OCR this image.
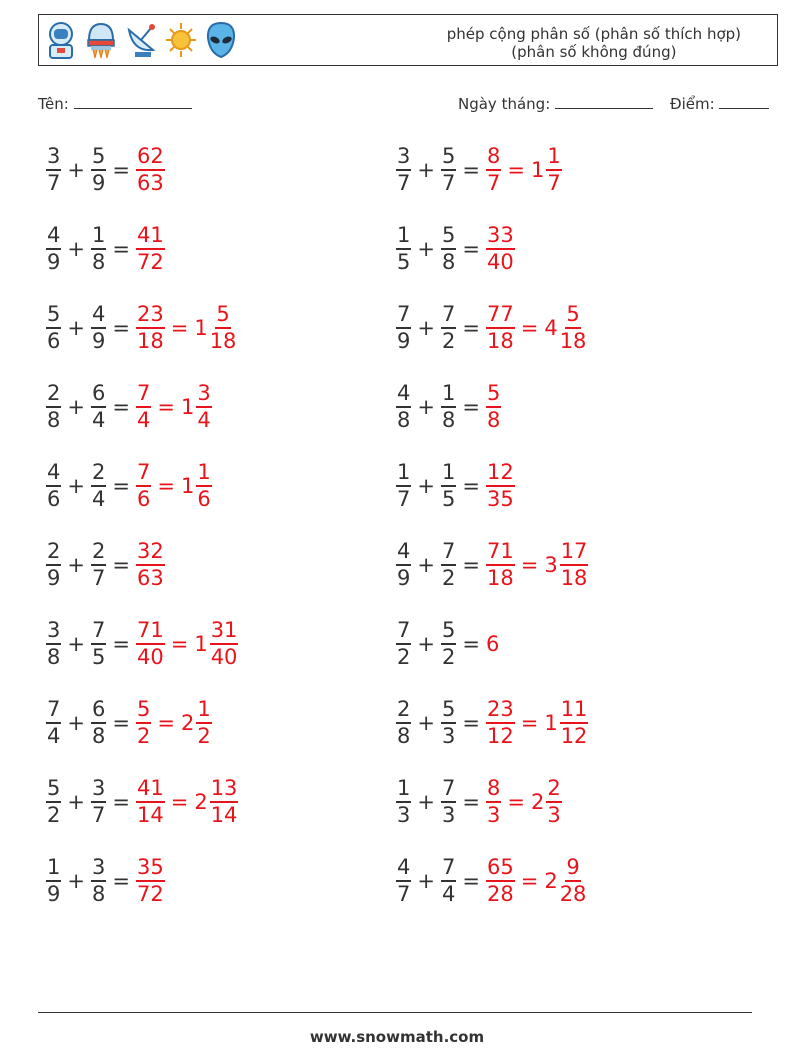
phép cộng phân số (phân số thích hợp)
(phân số không đúng)
Tên:	Ngày tháng:	Điểm:
$\frac{3}{7} + \frac{5}{9} = \frac{62}{63}$	$\frac{3}{7} + \frac{5}{7} = \frac{8}{7} = 1 \frac{1}{7}$
$\frac{4}{9} + \frac{1}{8} = \frac{41}{72}$	$\frac{1}{5} + \frac{5}{8} = \frac{33}{40}$
$\frac{5}{6} + \frac{4}{9} = \frac{23}{18} = 1 \frac{5}{18}$	$\frac{7}{9} + \frac{7}{2} = \frac{77}{18} = 4 \frac{5}{18}$
$\frac{2}{8} + \frac{6}{4} = \frac{7}{4} = 1 \frac{3}{4}$	$\frac{4}{8} + \frac{1}{8} = \frac{5}{8}$
$\frac{4}{6} + \frac{2}{4} = \frac{7}{6} = 1 \frac{1}{6}$	$\frac{1}{7} + \frac{1}{5} = \frac{12}{35}$
$\frac{2}{9} + \frac{2}{7} = \frac{32}{63}$	$\frac{4}{9} + \frac{7}{2} = \frac{71}{18} = 3 \frac{17}{18}$
$\frac{3}{8} + \frac{7}{5} = \frac{71}{40} = 1 \frac{31}{40}$	$\frac{7}{2} + \frac{5}{2} = 6$
$\frac{7}{4} + \frac{6}{8} = \frac{5}{2} = 2 \frac{1}{2}$	$\frac{2}{8} + \frac{5}{3} = \frac{23}{12} = 1 \frac{11}{12}$
$\frac{5}{2} + \frac{3}{7} = \frac{41}{14} = 2 \frac{13}{14}$	$\frac{1}{3} + \frac{7}{3} = \frac{8}{3} = 2 \frac{2}{3}$
$\frac{1}{9} + \frac{3}{8} = \frac{35}{72}$	$\frac{4}{7} + \frac{7}{4} = \frac{65}{28} = 2 \frac{9}{28}$
www.snowmath.com
